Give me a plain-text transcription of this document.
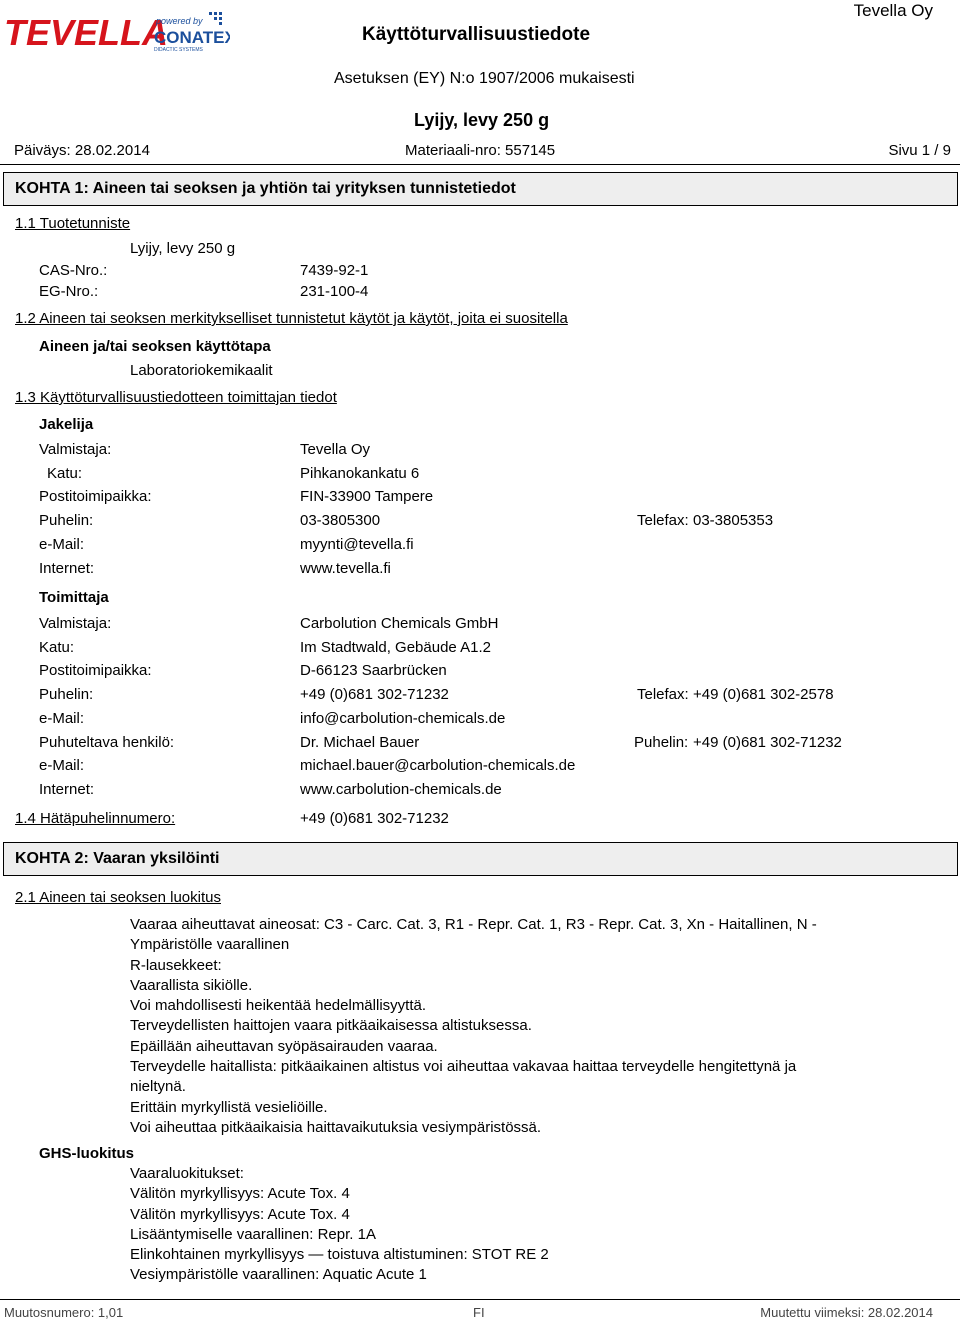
TEVELLA
powered by
CONATEX
DIDACTIC SYSTEMS
Käyttöturvallisuustiedote
Tevella Oy
Asetuksen (EY) N:o 1907/2006 mukaisesti
Lyijy, levy 250 g
Päiväys: 28.02.2014	Materiaali-nro: 557145	Sivu 1 / 9
KOHTA 1: Aineen tai seoksen ja yhtiön tai yrityksen tunnistetiedot
1.1 Tuotetunniste
Lyijy, levy 250 g
CAS-Nro.:	7439-92-1
EG-Nro.:	231-100-4
1.2 Aineen tai seoksen merkitykselliset tunnistetut käytöt ja käytöt, joita ei suositella
Aineen ja/tai seoksen käyttötapa
Laboratoriokemikaalit
1.3 Käyttöturvallisuustiedotteen toimittajan tiedot
Jakelija
Valmistaja:	Tevella Oy
Katu:	Pihkanokankatu 6
Postitoimipaikka:	FIN-33900 Tampere
Puhelin:	03-3805300	Telefax: 03-3805353
e-Mail:	myynti@tevella.fi
Internet:	www.tevella.fi
Toimittaja
Valmistaja:	Carbolution Chemicals GmbH
Katu:	Im Stadtwald, Gebäude A1.2
Postitoimipaikka:	D-66123 Saarbrücken
Puhelin:	+49 (0)681 302-71232	Telefax: +49 (0)681 302-2578
e-Mail:	info@carbolution-chemicals.de
Puhuteltava henkilö:	Dr. Michael Bauer	Puhelin: +49 (0)681 302-71232
e-Mail:	michael.bauer@carbolution-chemicals.de
Internet:	www.carbolution-chemicals.de
1.4 Hätäpuhelinnumero:	+49 (0)681 302-71232
KOHTA 2: Vaaran yksilöinti
2.1 Aineen tai seoksen luokitus
Vaaraa aiheuttavat aineosat: C3 - Carc. Cat. 3, R1 - Repr. Cat. 1, R3 - Repr. Cat. 3, Xn - Haitallinen, N - Ympäristölle vaarallinen
R-lausekkeet:
Vaarallista sikiölle.
Voi mahdollisesti heikentää hedelmällisyyttä.
Terveydellisten haittojen vaara pitkäaikaisessa altistuksessa.
Epäillään aiheuttavan syöpäsairauden vaaraa.
Terveydelle haitallista: pitkäaikainen altistus voi aiheuttaa vakavaa haittaa terveydelle hengitettynä ja nieltynä.
Erittäin myrkyllistä vesieliöille.
Voi aiheuttaa pitkäaikaisia haittavaikutuksia vesiympäristössä.
GHS-luokitus
Vaaraluokitukset:
Välitön myrkyllisyys: Acute Tox. 4
Välitön myrkyllisyys: Acute Tox. 4
Lisääntymiselle vaarallinen: Repr. 1A
Elinkohtainen myrkyllisyys — toistuva altistuminen: STOT RE 2
Vesiympäristölle vaarallinen: Aquatic Acute 1
Muutosnumero: 1,01	FI	Muutettu viimeksi: 28.02.2014
